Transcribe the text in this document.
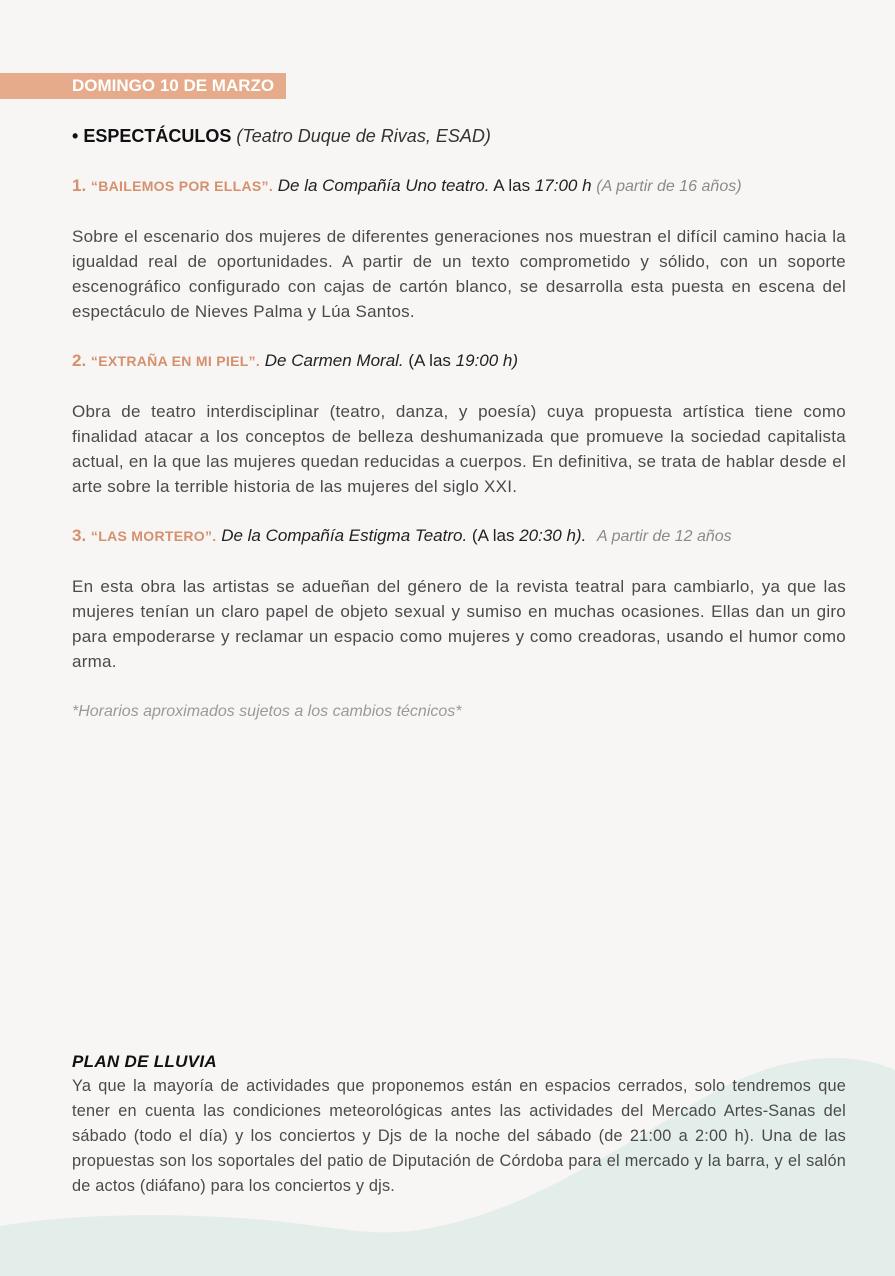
DOMINGO 10 DE MARZO
• ESPECTÁCULOS (Teatro Duque de Rivas, ESAD)
1. “BAILEMOS POR ELLAS”. De la Compañía Uno teatro. A las 17:00 h (A partir de 16 años)
Sobre el escenario dos mujeres de diferentes generaciones nos muestran el difícil camino hacia la igualdad real de oportunidades. A partir de un texto comprometido y sólido, con un soporte escenográfico configurado con cajas de cartón blanco, se desarrolla esta puesta en escena del espectáculo de Nieves Palma y Lúa Santos.
2. “EXTRAÑA EN MI PIEL”. De Carmen Moral. (A las 19:00 h)
Obra de teatro interdisciplinar (teatro, danza, y poesía) cuya propuesta artística tiene como finalidad atacar a los conceptos de belleza deshumanizada que promueve la sociedad capitalista actual, en la que las mujeres quedan reducidas a cuerpos. En definitiva, se trata de hablar desde el arte sobre la terrible historia de las mujeres del siglo XXI.
3. “LAS MORTERO”. De la Compañía Estigma Teatro. (A las 20:30 h). A partir de 12 años
En esta obra las artistas se adueñan del género de la revista teatral para cambiarlo, ya que las mujeres tenían un claro papel de objeto sexual y sumiso en muchas ocasiones. Ellas dan un giro para empoderarse y reclamar un espacio como mujeres y como creadoras, usando el humor como arma.
*Horarios aproximados sujetos a los cambios técnicos*
PLAN DE LLUVIA
Ya que la mayoría de actividades que proponemos están en espacios cerrados, solo tendremos que tener en cuenta las condiciones meteorológicas antes las actividades del Mercado Artes-Sanas del sábado (todo el día) y los conciertos y Djs de la noche del sábado (de 21:00 a 2:00 h). Una de las propuestas son los soportales del patio de Diputación de Córdoba para el mercado y la barra, y el salón de actos (diáfano) para los conciertos y djs.
